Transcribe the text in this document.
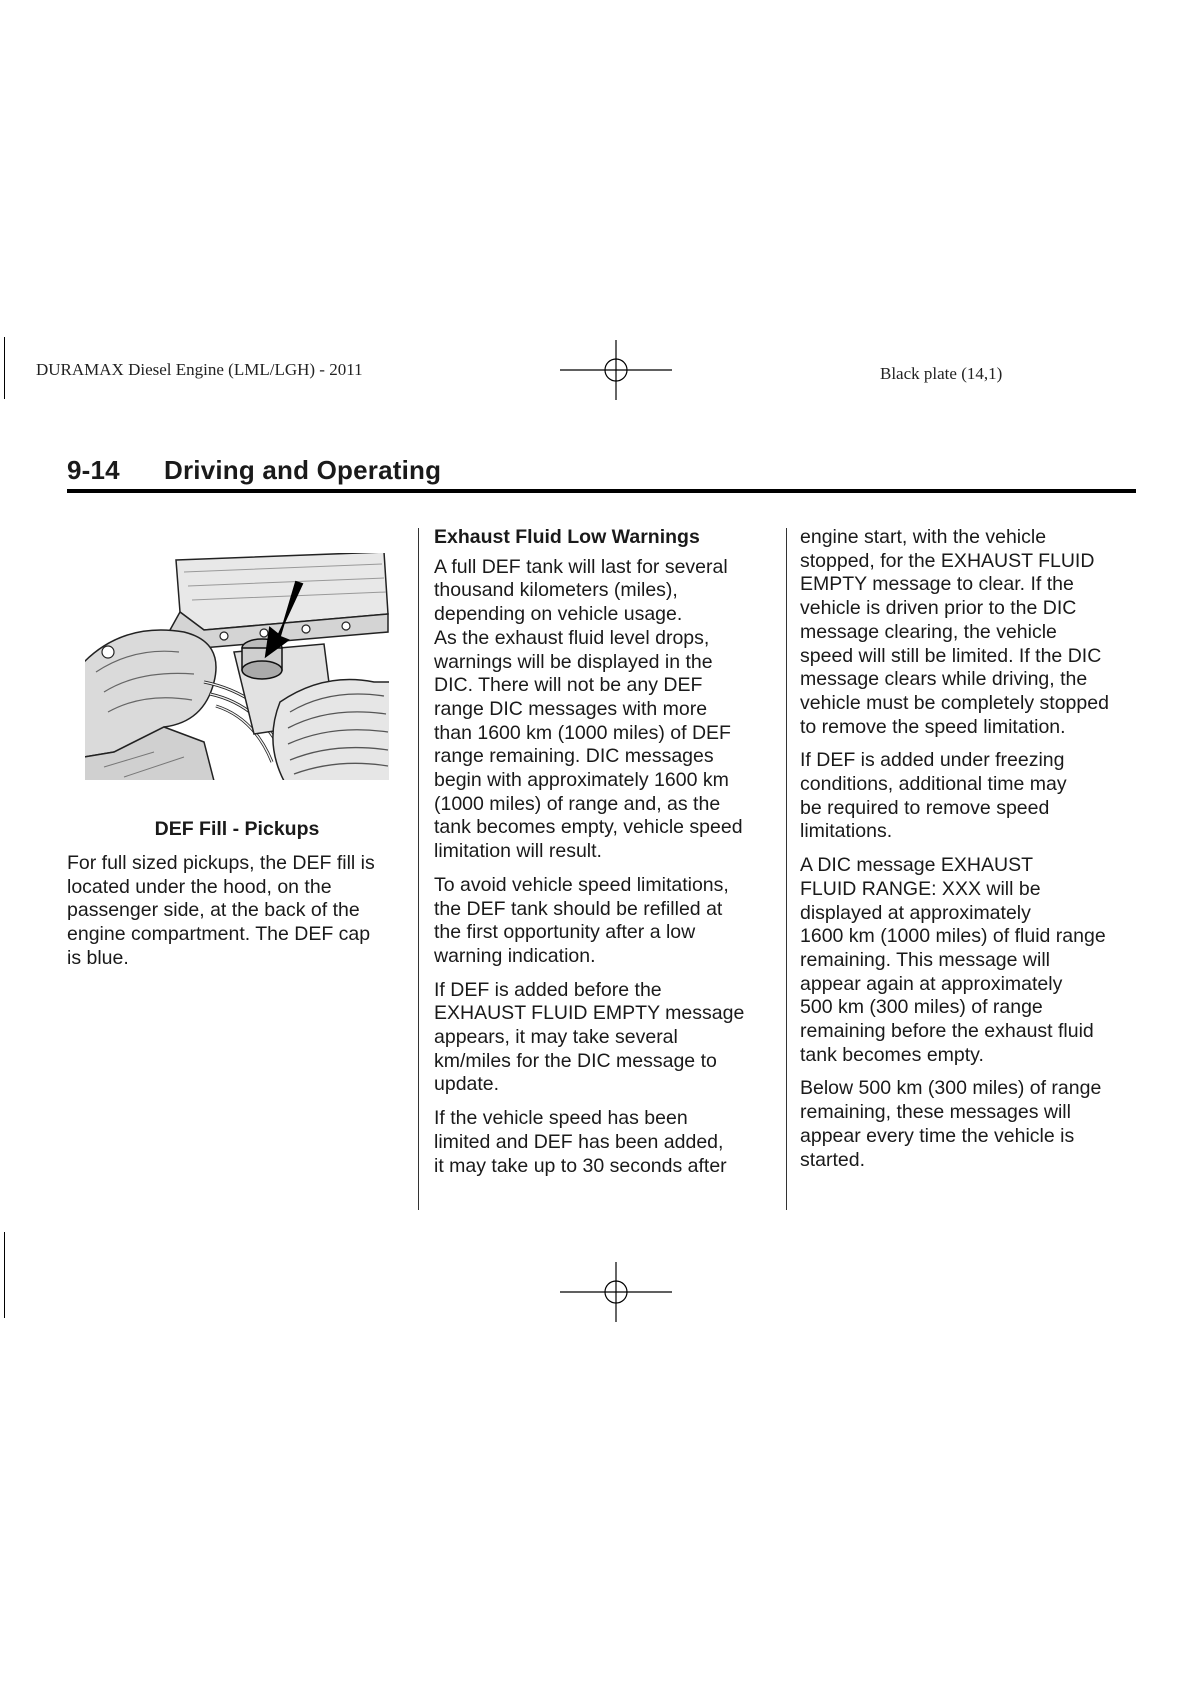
DURAMAX Diesel Engine (LML/LGH) - 2011	Black plate (14,1)
9-14 Driving and Operating
DEF Fill - Pickups

For full sized pickups, the DEF fill is
located under the hood, on the
passenger side, at the back of the
engine compartment. The DEF cap
is blue.

Exhaust Fluid Low Warnings

A full DEF tank will last for several
thousand kilometers (miles),
depending on vehicle usage.
As the exhaust fluid level drops,
warnings will be displayed in the
DIC. There will not be any DEF
range DIC messages with more
than 1600 km (1000 miles) of DEF
range remaining. DIC messages
begin with approximately 1600 km
(1000 miles) of range and, as the
tank becomes empty, vehicle speed
limitation will result.

To avoid vehicle speed limitations,
the DEF tank should be refilled at
the first opportunity after a low
warning indication.

If DEF is added before the
EXHAUST FLUID EMPTY message
appears, it may take several
km/miles for the DIC message to
update.

If the vehicle speed has been
limited and DEF has been added,
it may take up to 30 seconds after

engine start, with the vehicle
stopped, for the EXHAUST FLUID
EMPTY message to clear. If the
vehicle is driven prior to the DIC
message clearing, the vehicle
speed will still be limited. If the DIC
message clears while driving, the
vehicle must be completely stopped
to remove the speed limitation.

If DEF is added under freezing
conditions, additional time may
be required to remove speed
limitations.

A DIC message EXHAUST
FLUID RANGE: XXX will be
displayed at approximately
1600 km (1000 miles) of fluid range
remaining. This message will
appear again at approximately
500 km (300 miles) of range
remaining before the exhaust fluid
tank becomes empty.

Below 500 km (300 miles) of range
remaining, these messages will
appear every time the vehicle is
started.
